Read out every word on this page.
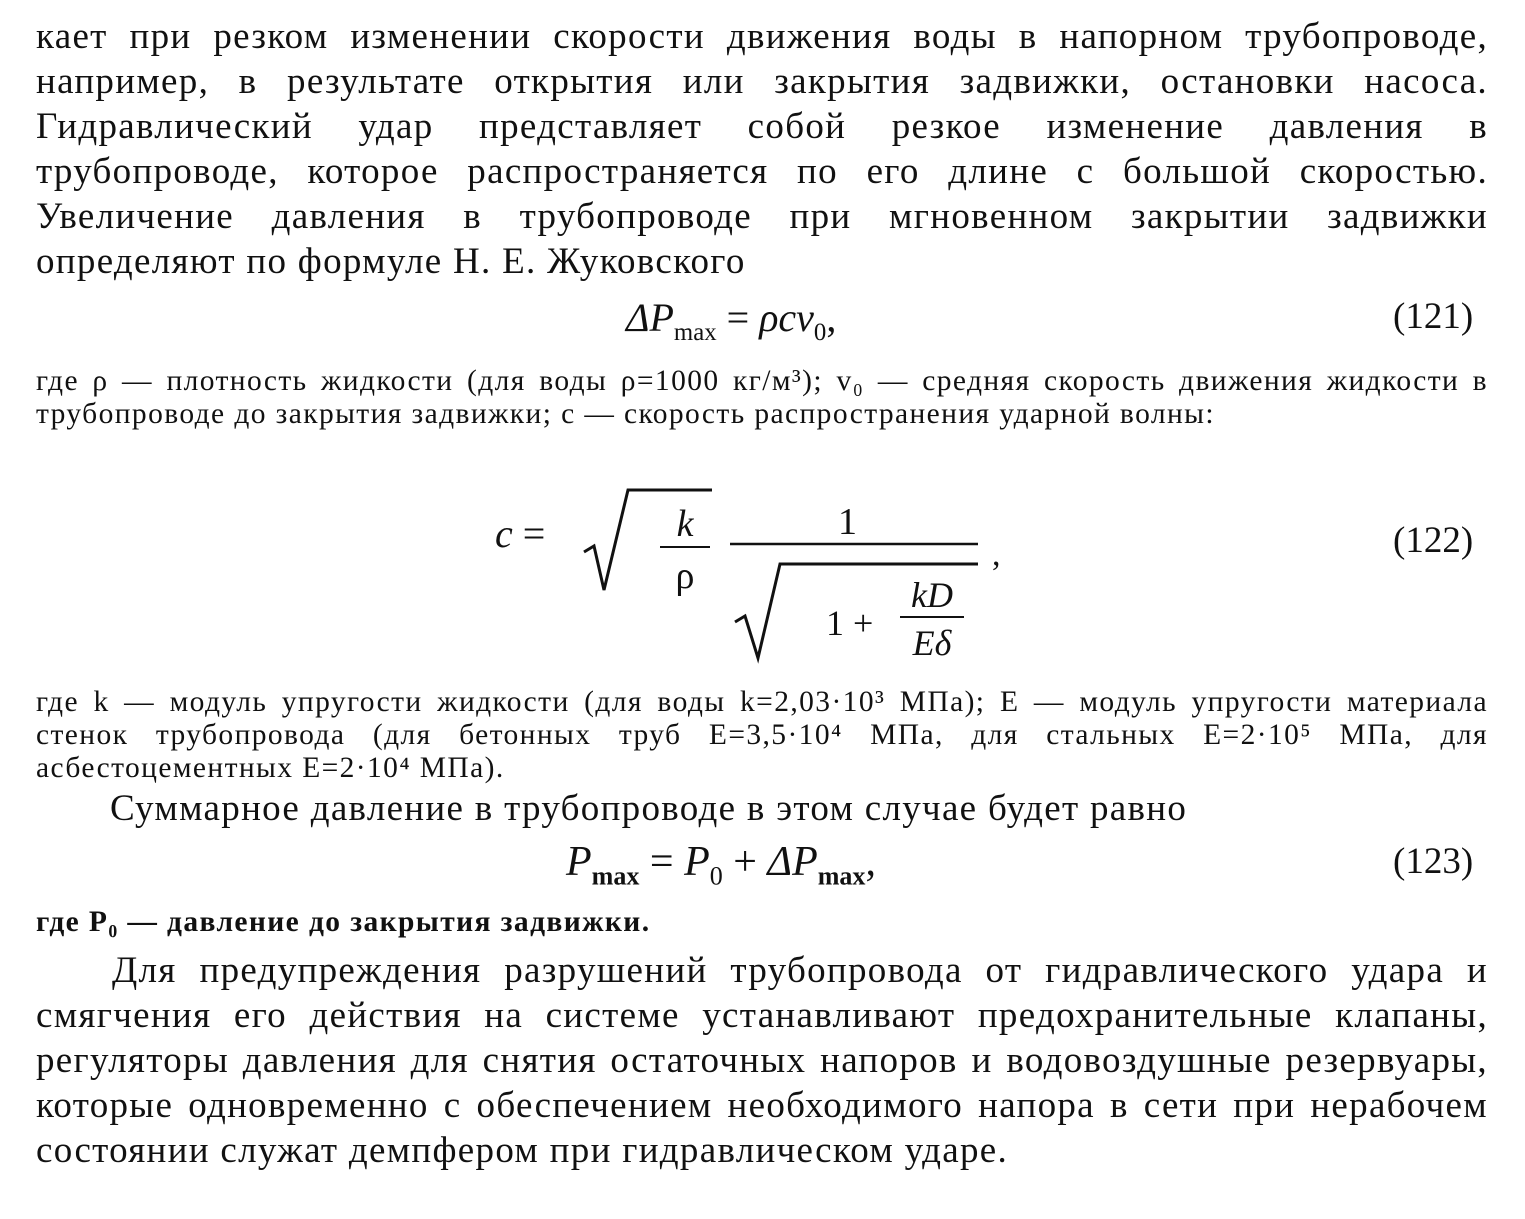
кает при резком изменении скорости движения воды в напорном трубопроводе, например, в результате открытия или закрытия задвижки, остановки насоса. Гидравлический удар представляет собой резкое изменение давления в трубопроводе, которое распространяется по его длине с большой скоростью. Увеличение давления в трубопроводе при мгновенном закрытии задвижки определяют по формуле Н. Е. Жуковского
$\Delta P_{max} = \rho cv_0$,	(121)
где ρ — плотность жидкости (для воды ρ=1000 кг/м³); v₀ — средняя скорость движения жидкости в трубопроводе до закрытия задвижки; c — скорость распространения ударной волны:
c =	$\frac{k}{\rho}$	1
$1 + \frac{kD}{E\delta}$
,	(122)
где k — модуль упругости жидкости (для воды k=2,03·10³ МПа); E — модуль упругости материала стенок трубопровода (для бетонных труб E=3,5·10⁴ МПа, для стальных E=2·10⁵ МПа, для асбестоцементных E=2·10⁴ МПа).
Суммарное давление в трубопроводе в этом случае будет равно
$P_{max} = P_0 + \Delta P_{max}$,	(123)
где P₀ — давление до закрытия задвижки.
Для предупреждения разрушений трубопровода от гидравлического удара и смягчения его действия на системе устанавливают предохранительные клапаны, регуляторы давления для снятия остаточных напоров и водовоздушные резервуары, которые одновременно с обеспечением необходимого напора в сети при нерабочем состоянии служат демпфером при гидравлическом ударе.
